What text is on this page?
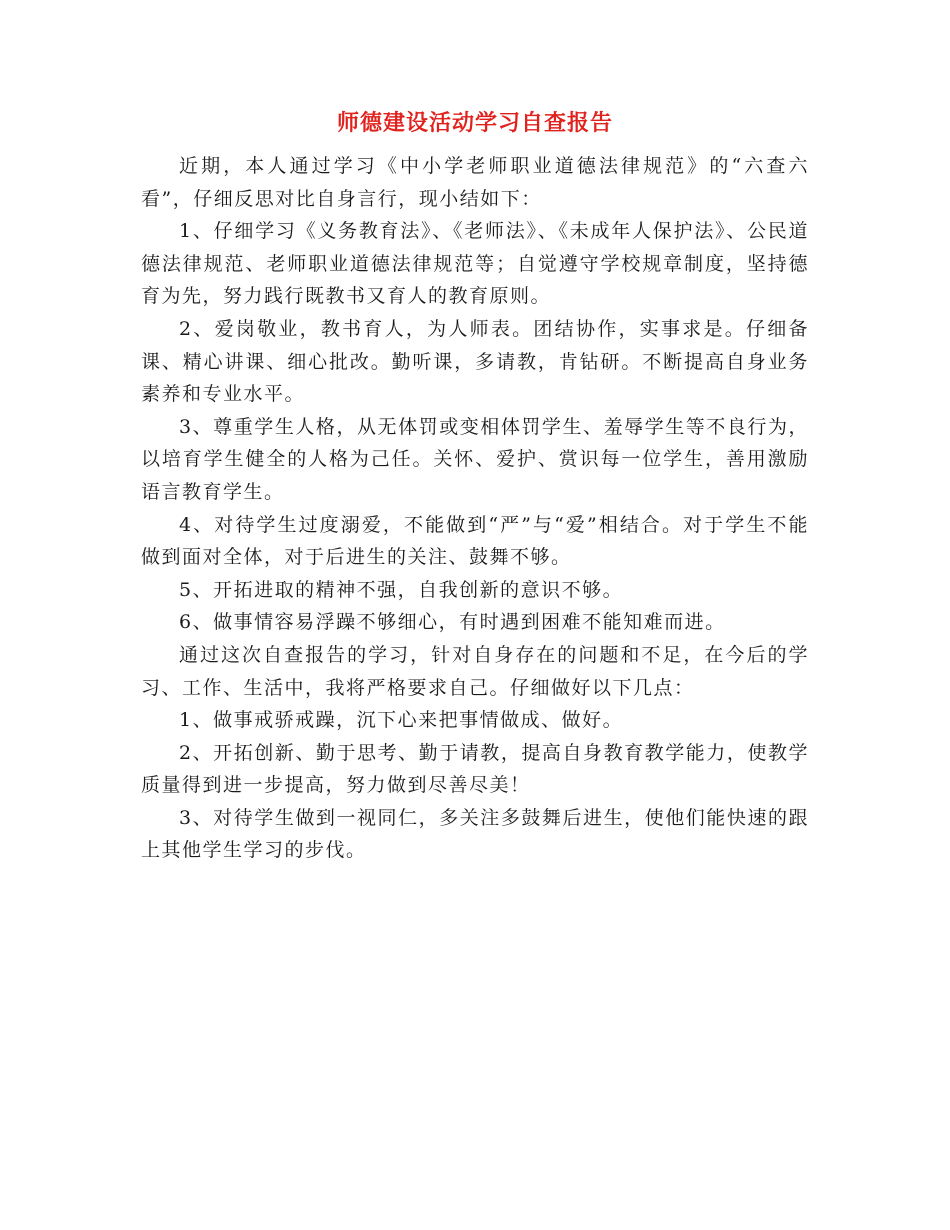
师德建设活动学习自查报告

近期，本人通过学习《中小学老师职业道德法律规范》的“六查六看”，仔细反思对比自身言行，现小结如下：

1、仔细学习《义务教育法》、《老师法》、《未成年人保护法》、公民道德法律规范、老师职业道德法律规范等；自觉遵守学校规章制度，坚持德育为先，努力践行既教书又育人的教育原则。

2、爱岗敬业，教书育人，为人师表。团结协作，实事求是。仔细备课、精心讲课、细心批改。勤听课，多请教，肯钻研。不断提高自身业务素养和专业水平。

3、尊重学生人格，从无体罚或变相体罚学生、羞辱学生等不良行为，以培育学生健全的人格为己任。关怀、爱护、赏识每一位学生，善用激励语言教育学生。

4、对待学生过度溺爱，不能做到“严”与“爱”相结合。对于学生不能做到面对全体，对于后进生的关注、鼓舞不够。

5、开拓进取的精神不强，自我创新的意识不够。

6、做事情容易浮躁不够细心，有时遇到困难不能知难而进。

通过这次自查报告的学习，针对自身存在的问题和不足，在今后的学习、工作、生活中，我将严格要求自己。仔细做好以下几点：

1、做事戒骄戒躁，沉下心来把事情做成、做好。

2、开拓创新、勤于思考、勤于请教，提高自身教育教学能力，使教学质量得到进一步提高，努力做到尽善尽美！

3、对待学生做到一视同仁，多关注多鼓舞后进生，使他们能快速的跟上其他学生学习的步伐。
